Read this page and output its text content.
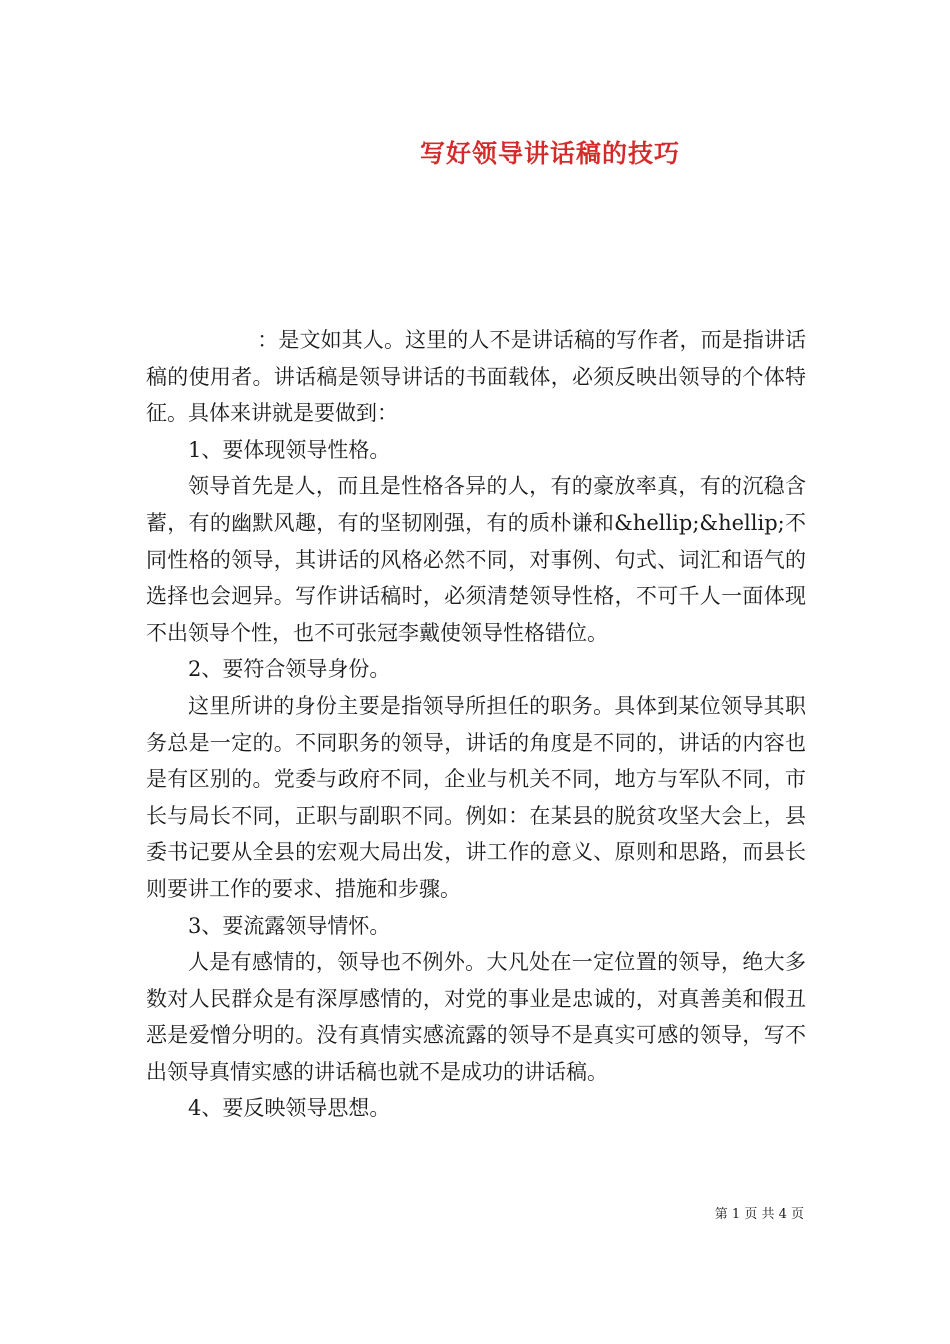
写好领导讲话稿的技巧

：是文如其人。这里的人不是讲话稿的写作者，而是指讲话稿的使用者。讲话稿是领导讲话的书面载体，必须反映出领导的个体特征。具体来讲就是要做到：

1、要体现领导性格。

领导首先是人，而且是性格各异的人，有的豪放率真，有的沉稳含蓄，有的幽默风趣，有的坚韧刚强，有的质朴谦和&hellip;&hellip;不同性格的领导，其讲话的风格必然不同，对事例、句式、词汇和语气的选择也会迥异。写作讲话稿时，必须清楚领导性格，不可千人一面体现不出领导个性，也不可张冠李戴使领导性格错位。

2、要符合领导身份。

这里所讲的身份主要是指领导所担任的职务。具体到某位领导其职务总是一定的。不同职务的领导，讲话的角度是不同的，讲话的内容也是有区别的。党委与政府不同，企业与机关不同，地方与军队不同，市长与局长不同，正职与副职不同。例如：在某县的脱贫攻坚大会上，县委书记要从全县的宏观大局出发，讲工作的意义、原则和思路，而县长则要讲工作的要求、措施和步骤。

3、要流露领导情怀。

人是有感情的，领导也不例外。大凡处在一定位置的领导，绝大多数对人民群众是有深厚感情的，对党的事业是忠诚的，对真善美和假丑恶是爱憎分明的。没有真情实感流露的领导不是真实可感的领导，写不出领导真情实感的讲话稿也就不是成功的讲话稿。

4、要反映领导思想。

第 1 页 共 4 页
